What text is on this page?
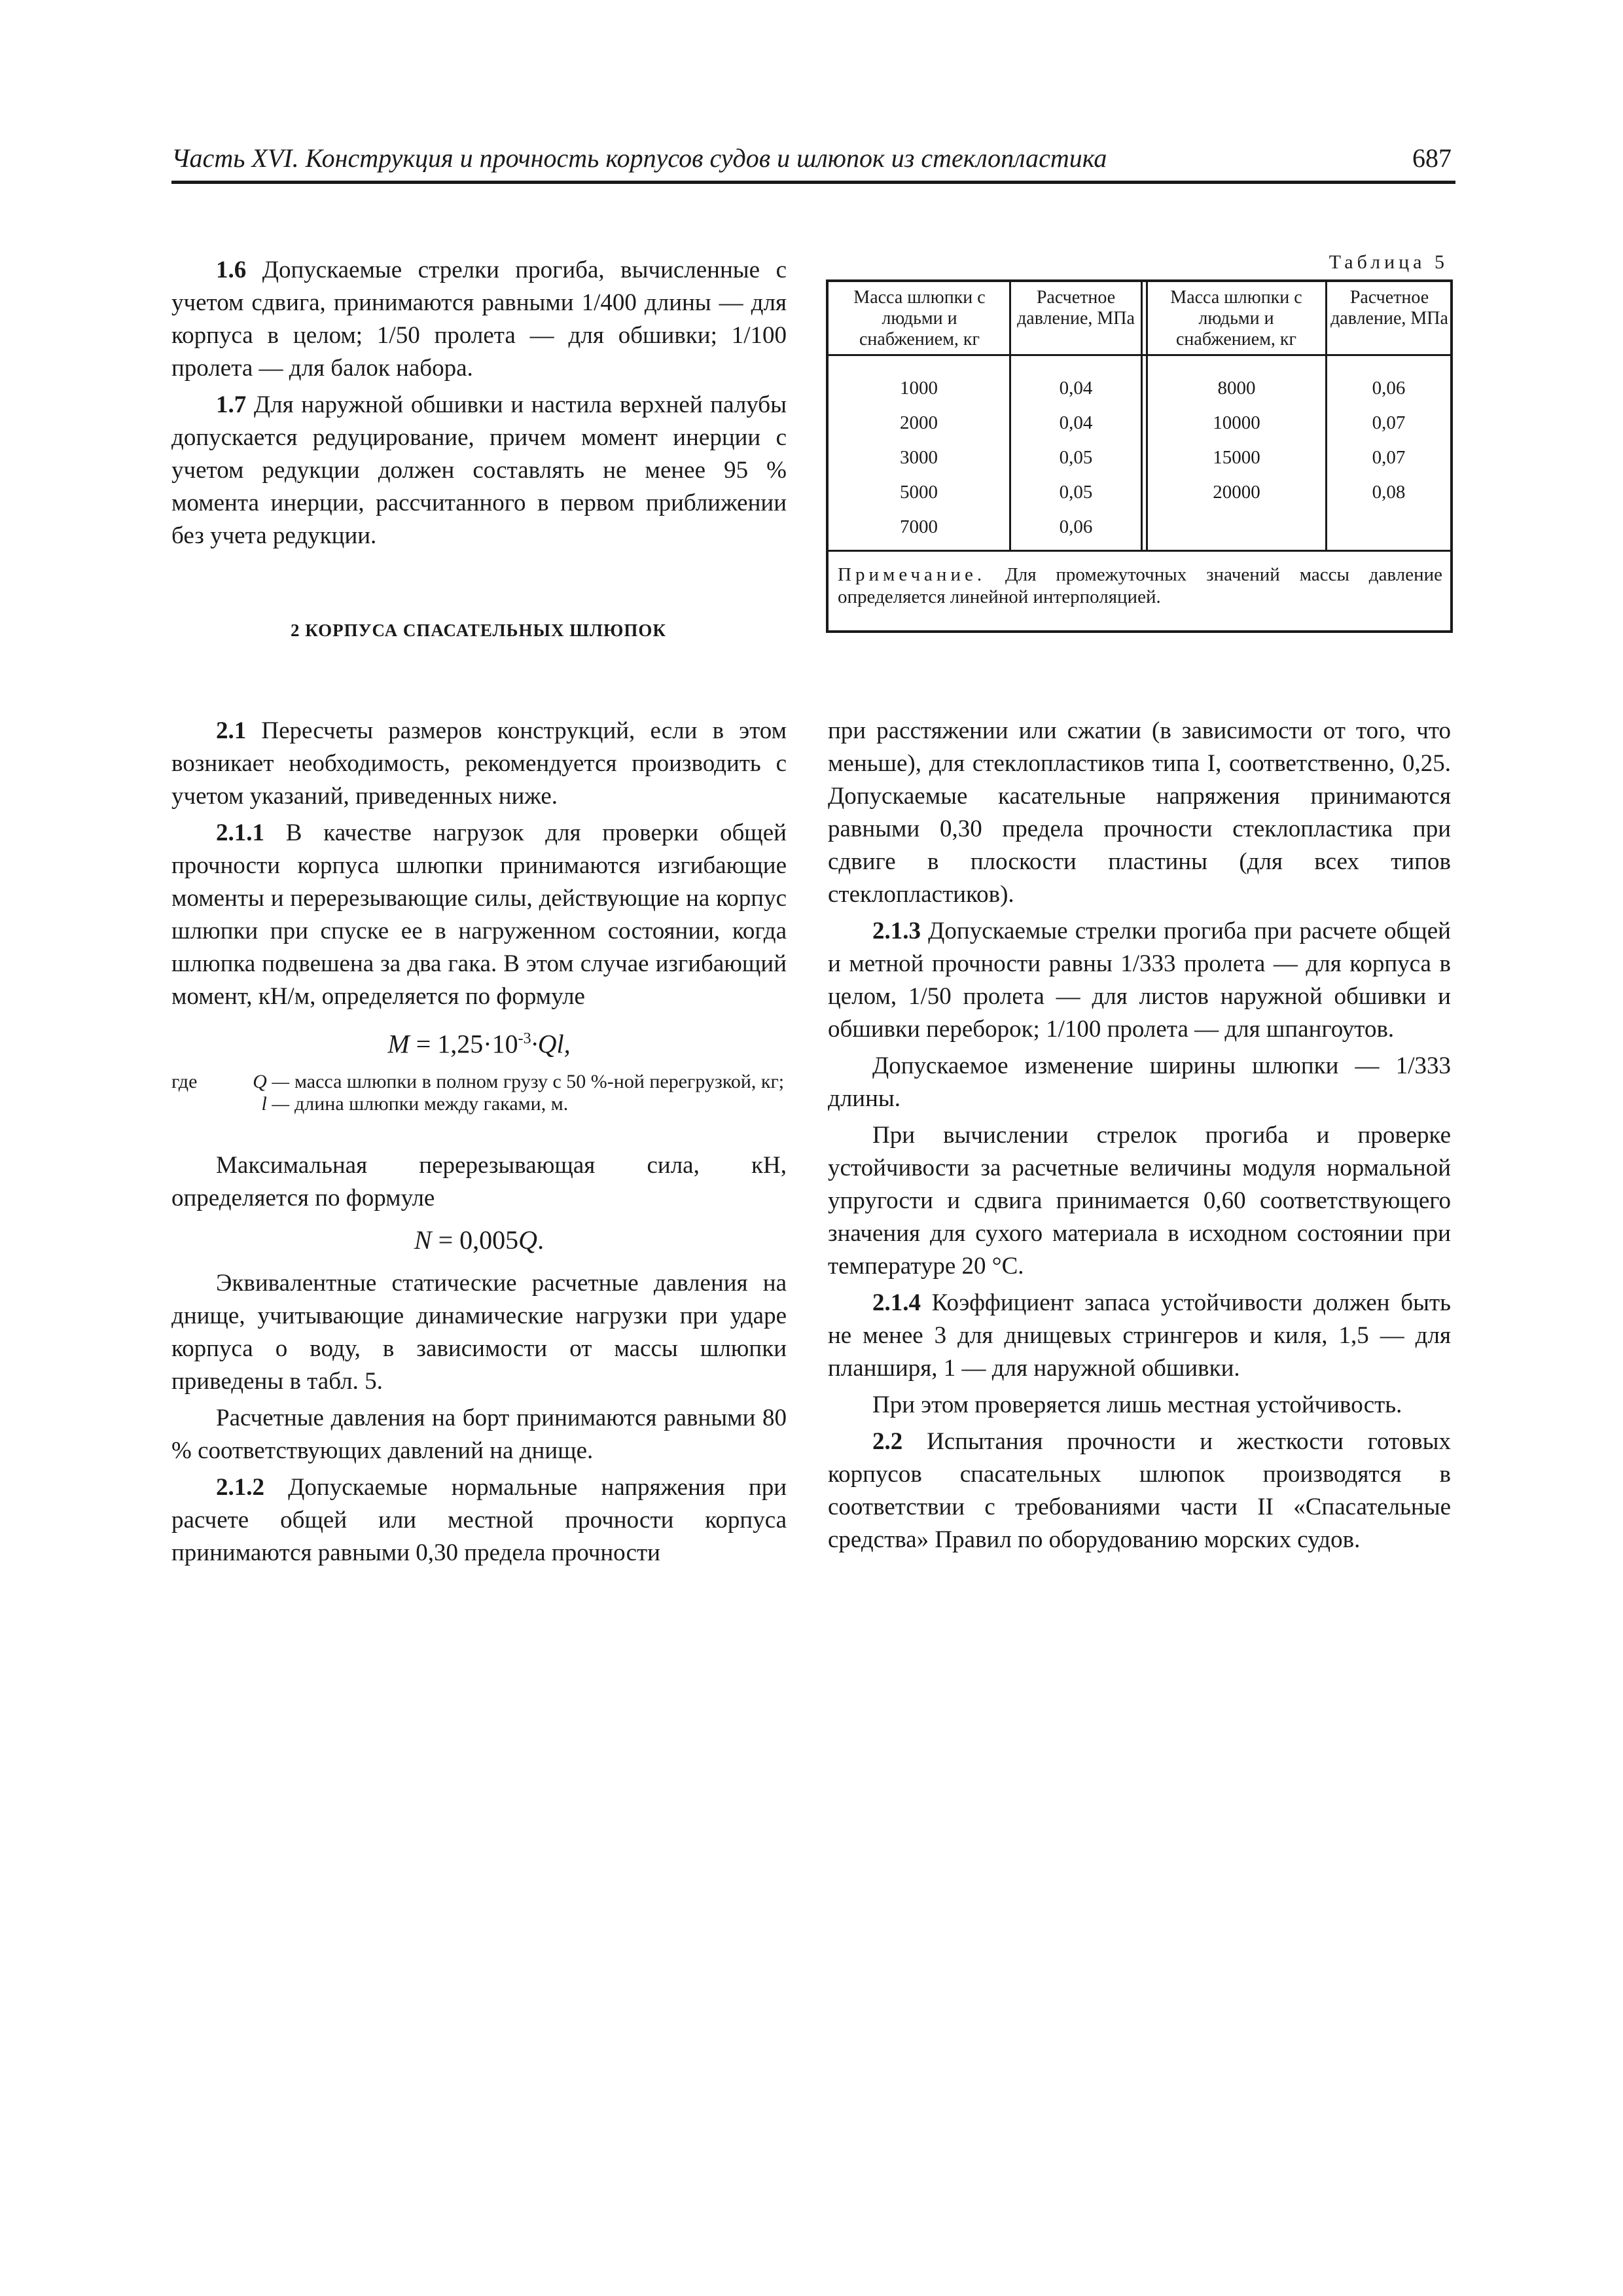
Часть XVI. Конструкция и прочность корпусов судов и шлюпок из стеклопластика	687

1.6 Допускаемые стрелки прогиба, вычисленные с учетом сдвига, принимаются равными 1/400 длины — для корпуса в целом; 1/50 пролета — для обшивки; 1/100 пролета — для балок набора.

1.7 Для наружной обшивки и настила верхней палубы допускается редуцирование, причем момент инерции с учетом редукции должен составлять не менее 95 % момента инерции, рассчитанного в первом приближении без учета редукции.

2 КОРПУСА СПАСАТЕЛЬНЫХ ШЛЮПОК
Таблица 5
Масса шлюпки с людьми и снабжением, кг
Расчетное давление, МПа
Масса шлюпки с людьми и снабжением, кг
Расчетное давление, МПа
1000
2000
3000
5000
7000
0,04
0,04
0,05
0,05
0,06
8000
10000
15000
20000
0,06
0,07
0,07
0,08
Примечание. Для промежуточных значений массы давление определяется линейной интерполяцией.

2.1 Пересчеты размеров конструкций, если в этом возникает необходимость, рекомендуется производить с учетом указаний, приведенных ниже.

2.1.1 В качестве нагрузок для проверки общей прочности корпуса шлюпки принимаются изгибающие моменты и перерезывающие силы, действующие на корпус шлюпки при спуске ее в нагруженном состоянии, когда шлюпка подвешена за два гака. В этом случае изгибающий момент, кН/м, определяется по формуле

$M = 1,25\cdot 10^{-3}\cdot Ql$,
где	Q — масса шлюпки в полном грузу с 50 %-ной перегрузкой, кг;
l — длина шлюпки между гаками, м.

Максимальная перерезывающая сила, кН, определяется по формуле

N = 0,005Q.

Эквивалентные статические расчетные давления на днище, учитывающие динамические нагрузки при ударе корпуса о воду, в зависимости от массы шлюпки приведены в табл. 5.

Расчетные давления на борт принимаются равными 80 % соответствующих давлений на днище.

2.1.2 Допускаемые нормальные напряжения при расчете общей или местной прочности корпуса принимаются равными 0,30 предела прочности

при расстяжении или сжатии (в зависимости от того, что меньше), для стеклопластиков типа I, соответственно, 0,25. Допускаемые касательные напряжения принимаются равными 0,30 предела прочности стеклопластика при сдвиге в плоскости пластины (для всех типов стеклопластиков).

2.1.3 Допускаемые стрелки прогиба при расчете общей и метной прочности равны 1/333 пролета — для корпуса в целом, 1/50 пролета — для листов наружной обшивки и обшивки переборок; 1/100 пролета — для шпангоутов.

Допускаемое изменение ширины шлюпки — 1/333 длины.

При вычислении стрелок прогиба и проверке устойчивости за расчетные величины модуля нормальной упругости и сдвига принимается 0,60 соответствующего значения для сухого материала в исходном состоянии при температуре 20 °С.

2.1.4 Коэффициент запаса устойчивости должен быть не менее 3 для днищевых стрингеров и киля, 1,5 — для планширя, 1 — для наружной обшивки.

При этом проверяется лишь местная устойчивость.

2.2 Испытания прочности и жесткости готовых корпусов спасательных шлюпок производятся в соответствии с требованиями части II «Спасательные средства» Правил по оборудованию морских судов.
